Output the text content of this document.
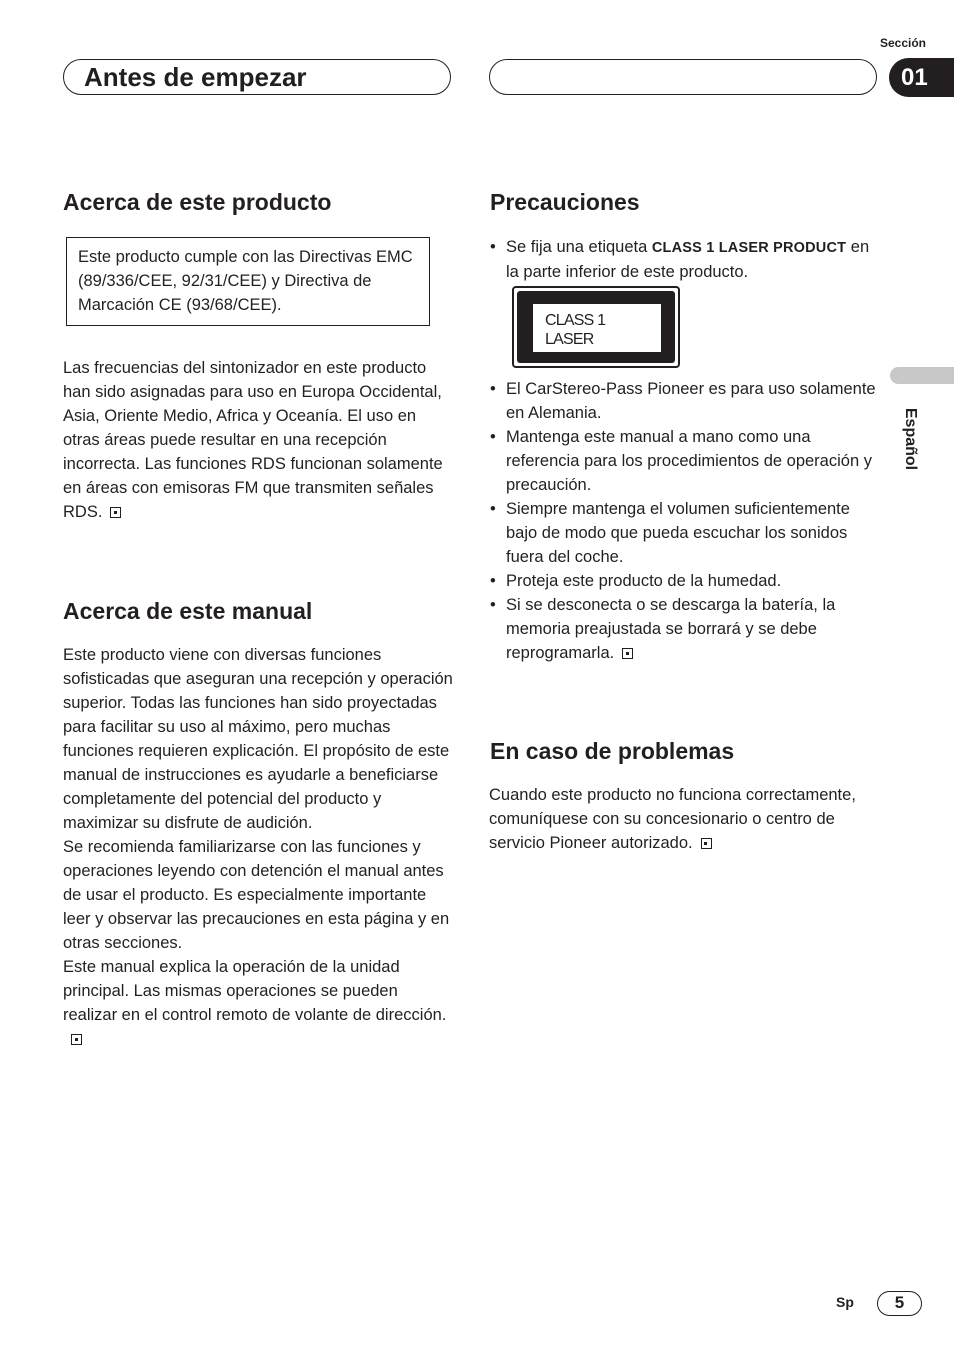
Sección
Antes de empezar	01
Español
Acerca de este producto
Este producto cumple con las Directivas EMC (89/336/CEE, 92/31/CEE) y Directiva de Marcación CE (93/68/CEE).

Las frecuencias del sintonizador en este producto han sido asignadas para uso en Europa Occidental, Asia, Oriente Medio, Africa y Oceanía. El uso en otras áreas puede resultar en una recepción incorrecta. Las funciones RDS funcionan solamente en áreas con emisoras FM que transmiten señales RDS.

Acerca de este manual

Este producto viene con diversas funciones sofisticadas que aseguran una recepción y operación superior. Todas las funciones han sido proyectadas para facilitar su uso al máximo, pero muchas funciones requieren explicación. El propósito de este manual de instrucciones es ayudarle a beneficiarse completamente del potencial del producto y maximizar su disfrute de audición.

Se recomienda familiarizarse con las funciones y operaciones leyendo con detención el manual antes de usar el producto. Es especialmente importante leer y observar las precauciones en esta página y en otras secciones.

Este manual explica la operación de la unidad principal. Las mismas operaciones se pueden realizar en el control remoto de volante de dirección.

Precauciones
• Se fija una etiqueta CLASS 1 LASER PRODUCT en la parte inferior de este producto.
CLASS 1
LASER PRODUCT
• El CarStereo-Pass Pioneer es para uso solamente en Alemania.
• Mantenga este manual a mano como una referencia para los procedimientos de operación y precaución.
• Siempre mantenga el volumen suficientemente bajo de modo que pueda escuchar los sonidos fuera del coche.
• Proteja este producto de la humedad.
• Si se desconecta o se descarga la batería, la memoria preajustada se borrará y se debe reprogramarla.
En caso de problemas

Cuando este producto no funciona correctamente, comuníquese con su concesionario o centro de servicio Pioneer autorizado.

Sp	5
